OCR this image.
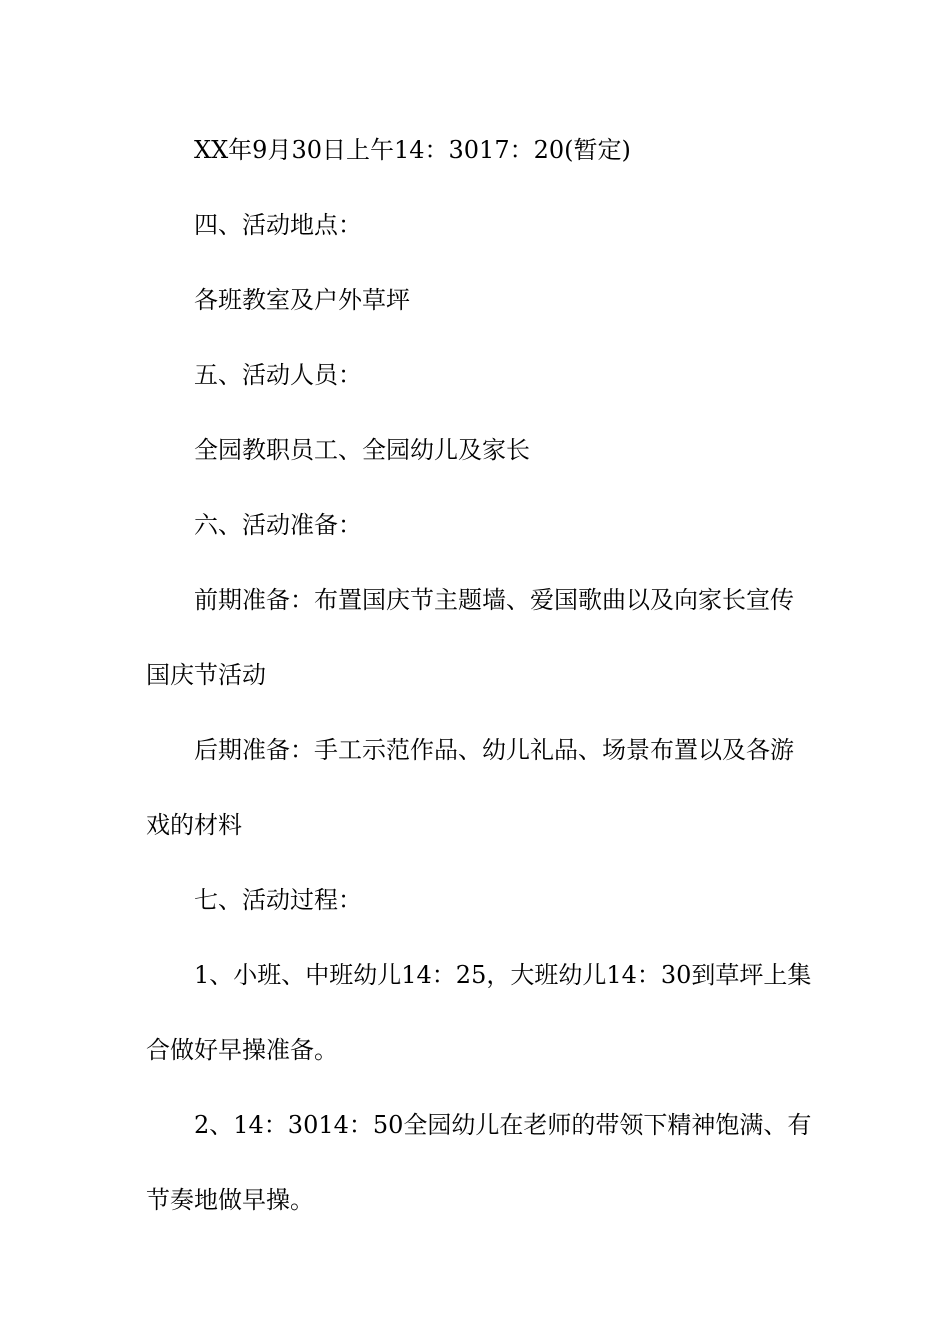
XX年9月30日上午14：3017：20(暂定)
四、活动地点：
各班教室及户外草坪
五、活动人员：
全园教职员工、全园幼儿及家长
六、活动准备：
前期准备：布置国庆节主题墙、爱国歌曲以及向家长宣传
国庆节活动
后期准备：手工示范作品、幼儿礼品、场景布置以及各游
戏的材料
七、活动过程：
1、小班、中班幼儿14：25，大班幼儿14：30到草坪上集
合做好早操准备。
2、14：3014：50全园幼儿在老师的带领下精神饱满、有
节奏地做早操。
